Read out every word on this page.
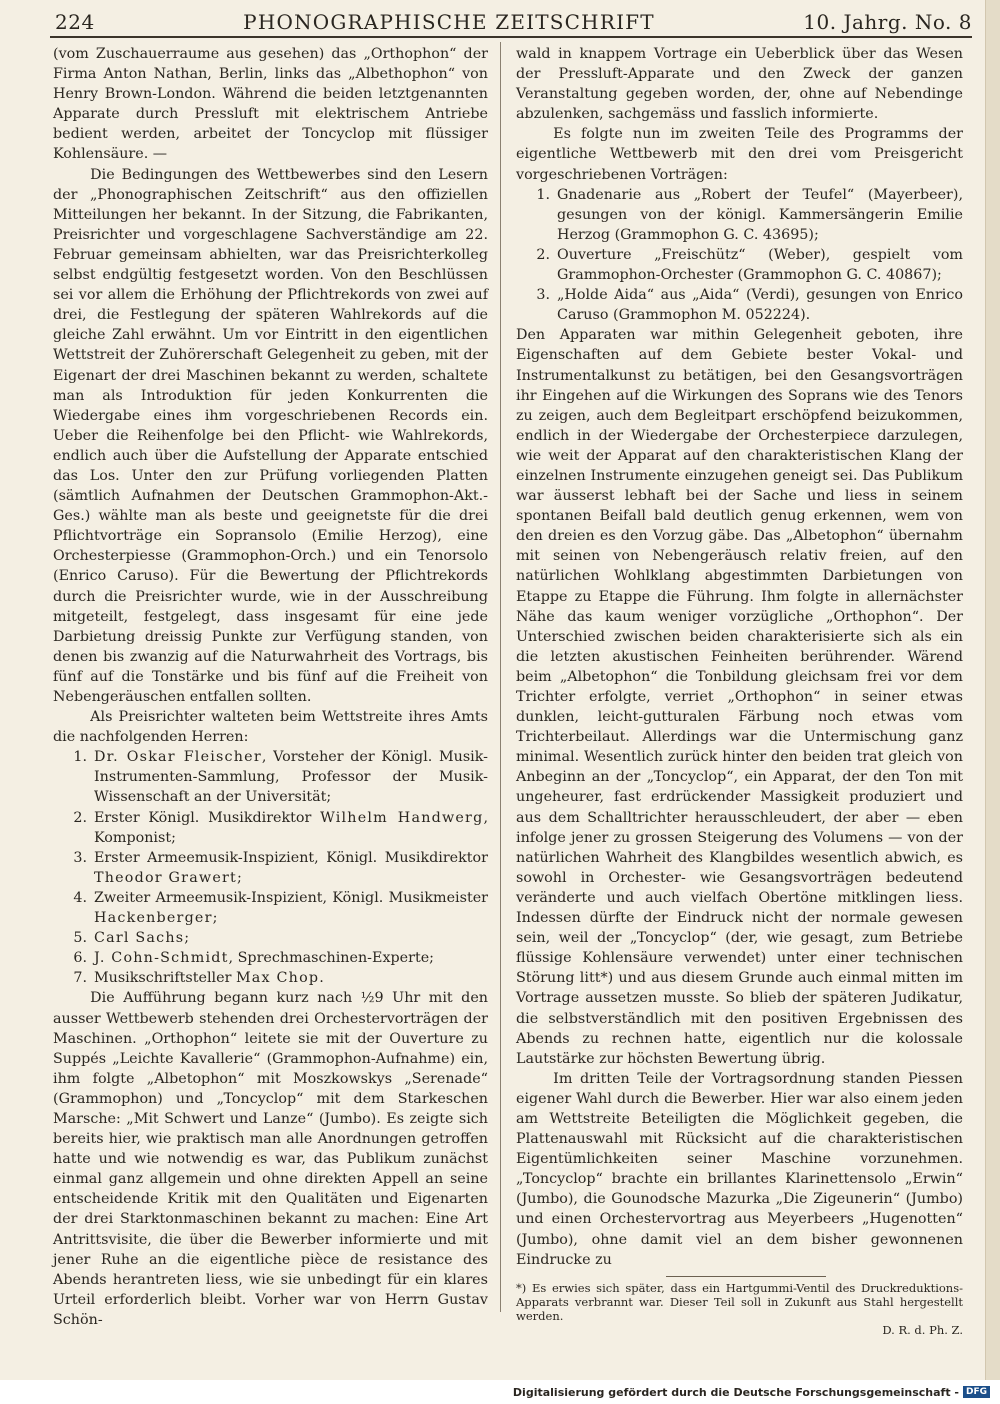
224	PHONOGRAPHISCHE ZEITSCHRIFT	10. Jahrg. No. 8

(vom Zuschauerraume aus gesehen) das „Orthophon“ der Firma Anton Nathan, Berlin, links das „Albethophon“ von Henry Brown-London. Während die beiden letztgenannten Apparate durch Pressluft mit elektrischem Antriebe bedient werden, arbeitet der Toncyclop mit flüssiger Kohlensäure. —

Die Bedingungen des Wettbewerbes sind den Lesern der „Phonographischen Zeitschrift“ aus den offiziellen Mitteilungen her bekannt. In der Sitzung, die Fabrikanten, Preisrichter und vorgeschlagene Sachverständige am 22. Februar gemeinsam abhielten, war das Preisrichterkolleg selbst endgültig festgesetzt worden. Von den Beschlüssen sei vor allem die Erhöhung der Pflichtrekords von zwei auf drei, die Festlegung der späteren Wahlrekords auf die gleiche Zahl erwähnt. Um vor Eintritt in den eigentlichen Wettstreit der Zuhörerschaft Gelegenheit zu geben, mit der Eigenart der drei Maschinen bekannt zu werden, schaltete man als Introduktion für jeden Konkurrenten die Wiedergabe eines ihm vorgeschriebenen Records ein. Ueber die Reihenfolge bei den Pflicht- wie Wahlrekords, endlich auch über die Aufstellung der Apparate entschied das Los. Unter den zur Prüfung vorliegenden Platten (sämtlich Aufnahmen der Deutschen Grammophon-Akt.-Ges.) wählte man als beste und geeignetste für die drei Pflichtvorträge ein Sopransolo (Emilie Herzog), eine Orchesterpiesse (Grammophon-Orch.) und ein Tenorsolo (Enrico Caruso). Für die Bewertung der Pflichtrekords durch die Preisrichter wurde, wie in der Ausschreibung mitgeteilt, festgelegt, dass insgesamt für eine jede Darbietung dreissig Punkte zur Verfügung standen, von denen bis zwanzig auf die Naturwahrheit des Vortrags, bis fünf auf die Tonstärke und bis fünf auf die Freiheit von Nebengeräuschen entfallen sollten.

Als Preisrichter walteten beim Wettstreite ihres Amts die nachfolgenden Herren:

1. Dr. Oskar Fleischer, Vorsteher der Königl. Musik-Instrumenten-Sammlung, Professor der Musik-Wissenschaft an der Universität;
2. Erster Königl. Musikdirektor Wilhelm Handwerg, Komponist;
3. Erster Armeemusik-Inspizient, Königl. Musikdirektor Theodor Grawert;
4. Zweiter Armeemusik-Inspizient, Königl. Musikmeister Hackenberger;
5. Carl Sachs;
6. J. Cohn-Schmidt, Sprechmaschinen-Experte;
7. Musikschriftsteller Max Chop.

Die Aufführung begann kurz nach ½9 Uhr mit den ausser Wettbewerb stehenden drei Orchestervorträgen der Maschinen. „Orthophon“ leitete sie mit der Ouverture zu Suppés „Leichte Kavallerie“ (Grammophon-Aufnahme) ein, ihm folgte „Albetophon“ mit Moszkowskys „Serenade“ (Grammophon) und „Toncyclop“ mit dem Starkeschen Marsche: „Mit Schwert und Lanze“ (Jumbo). Es zeigte sich bereits hier, wie praktisch man alle Anordnungen getroffen hatte und wie notwendig es war, das Publikum zunächst einmal ganz allgemein und ohne direkten Appell an seine entscheidende Kritik mit den Qualitäten und Eigenarten der drei Starktonmaschinen bekannt zu machen: Eine Art Antrittsvisite, die über die Bewerber informierte und mit jener Ruhe an die eigentliche pièce de resistance des Abends herantreten liess, wie sie unbedingt für ein klares Urteil erforderlich bleibt. Vorher war von Herrn Gustav Schön-

wald in knappem Vortrage ein Ueberblick über das Wesen der Pressluft-Apparate und den Zweck der ganzen Veranstaltung gegeben worden, der, ohne auf Nebendinge abzulenken, sachgemäss und fasslich informierte.

Es folgte nun im zweiten Teile des Programms der eigentliche Wettbewerb mit den drei vom Preisgericht vorgeschriebenen Vorträgen:

1. Gnadenarie aus „Robert der Teufel“ (Mayerbeer), gesungen von der königl. Kammersängerin Emilie Herzog (Grammophon G. C. 43695);
2. Ouverture „Freischütz“ (Weber), gespielt vom Grammophon-Orchester (Grammophon G. C. 40867);
3. „Holde Aida“ aus „Aida“ (Verdi), gesungen von Enrico Caruso (Grammophon M. 052224).

Den Apparaten war mithin Gelegenheit geboten, ihre Eigenschaften auf dem Gebiete bester Vokal- und Instrumentalkunst zu betätigen, bei den Gesangsvorträgen ihr Eingehen auf die Wirkungen des Soprans wie des Tenors zu zeigen, auch dem Begleitpart erschöpfend beizukommen, endlich in der Wiedergabe der Orchesterpiece darzulegen, wie weit der Apparat auf den charakteristischen Klang der einzelnen Instrumente einzugehen geneigt sei. Das Publikum war äusserst lebhaft bei der Sache und liess in seinem spontanen Beifall bald deutlich genug erkennen, wem von den dreien es den Vorzug gäbe. Das „Albetophon“ übernahm mit seinen von Nebengeräusch relativ freien, auf den natürlichen Wohlklang abgestimmten Darbietungen von Etappe zu Etappe die Führung. Ihm folgte in allernächster Nähe das kaum weniger vorzügliche „Orthophon“. Der Unterschied zwischen beiden charakterisierte sich als ein die letzten akustischen Feinheiten berührender. Wärend beim „Albetophon“ die Tonbildung gleichsam frei vor dem Trichter erfolgte, verriet „Orthophon“ in seiner etwas dunklen, leicht-gutturalen Färbung noch etwas vom Trichterbeilaut. Allerdings war die Untermischung ganz minimal. Wesentlich zurück hinter den beiden trat gleich von Anbeginn an der „Toncyclop“, ein Apparat, der den Ton mit ungeheurer, fast erdrückender Massigkeit produziert und aus dem Schalltrichter herausschleudert, der aber — eben infolge jener zu grossen Steigerung des Volumens — von der natürlichen Wahrheit des Klangbildes wesentlich abwich, es sowohl in Orchester- wie Gesangsvorträgen bedeutend veränderte und auch vielfach Obertöne mitklingen liess. Indessen dürfte der Eindruck nicht der normale gewesen sein, weil der „Toncyclop“ (der, wie gesagt, zum Betriebe flüssige Kohlensäure verwendet) unter einer technischen Störung litt*) und aus diesem Grunde auch einmal mitten im Vortrage aussetzen musste. So blieb der späteren Judikatur, die selbstverständlich mit den positiven Ergebnissen des Abends zu rechnen hatte, eigentlich nur die kolossale Lautstärke zur höchsten Bewertung übrig.

Im dritten Teile der Vortragsordnung standen Piessen eigener Wahl durch die Bewerber. Hier war also einem jeden am Wettstreite Beteiligten die Möglichkeit gegeben, die Plattenauswahl mit Rücksicht auf die charakteristischen Eigentümlichkeiten seiner Maschine vorzunehmen. „Toncyclop“ brachte ein brillantes Klarinettensolo „Erwin“ (Jumbo), die Gounodsche Mazurka „Die Zigeunerin“ (Jumbo) und einen Orchestervortrag aus Meyerbeers „Hugenotten“ (Jumbo), ohne damit viel an dem bisher gewonnenen Eindrucke zu

*) Es erwies sich später, dass ein Hartgummi-Ventil des Druckreduktions-Apparats verbrannt war. Dieser Teil soll in Zukunft aus Stahl hergestellt werden.
D. R. d. Ph. Z.
Digitalisierung gefördert durch die Deutsche Forschungsgemeinschaft - DFG
